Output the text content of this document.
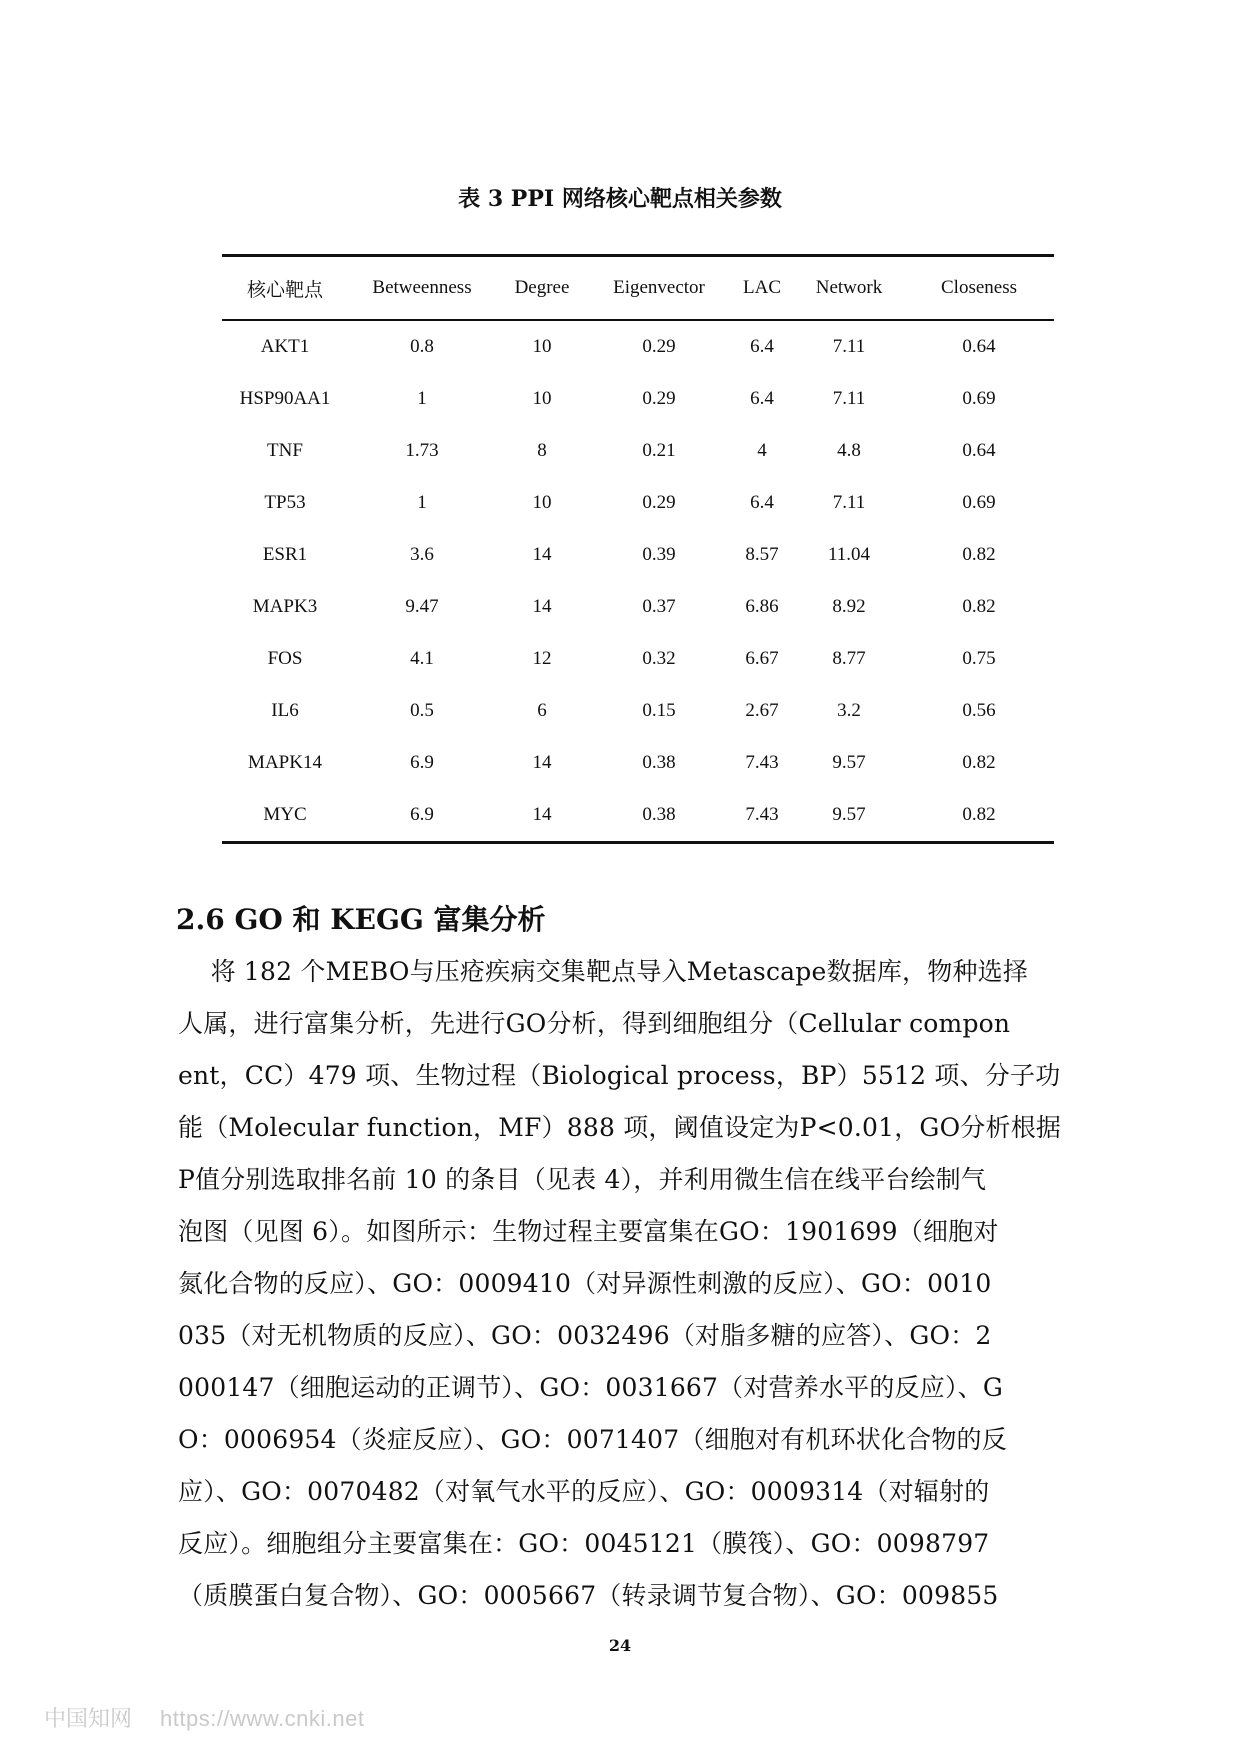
表 3 PPI 网络核心靶点相关参数
核心靶点	Betweenness	Degree	Eigenvector	LAC	Network	Closeness
AKT1	0.8	10	0.29	6.4	7.11	0.64
HSP90AA1	1	10	0.29	6.4	7.11	0.69
TNF	1.73	8	0.21	4	4.8	0.64
TP53	1	10	0.29	6.4	7.11	0.69
ESR1	3.6	14	0.39	8.57	11.04	0.82
MAPK3	9.47	14	0.37	6.86	8.92	0.82
FOS	4.1	12	0.32	6.67	8.77	0.75
IL6	0.5	6	0.15	2.67	3.2	0.56
MAPK14	6.9	14	0.38	7.43	9.57	0.82
MYC	6.9	14	0.38	7.43	9.57	0.82
2.6 GO 和 KEGG 富集分析
将 182 个MEBO与压疮疾病交集靶点导入Metascape数据库，物种选择
人属，进行富集分析，先进行GO分析，得到细胞组分（Cellular compon
ent，CC）479 项、生物过程（Biological process，BP）5512 项、分子功
能（Molecular function，MF）888 项，阈值设定为P<0.01，GO分析根据
P值分别选取排名前 10 的条目（见表 4），并利用微生信在线平台绘制气
泡图（见图 6）。如图所示：生物过程主要富集在GO：1901699（细胞对
氮化合物的反应）、GO：0009410（对异源性刺激的反应）、GO：0010
035（对无机物质的反应）、GO：0032496（对脂多糖的应答）、GO：2
000147（细胞运动的正调节）、GO：0031667（对营养水平的反应）、G
O：0006954（炎症反应）、GO：0071407（细胞对有机环状化合物的反
应）、GO：0070482（对氧气水平的反应）、GO：0009314（对辐射的
反应）。细胞组分主要富集在：GO：0045121（膜筏）、GO：0098797
（质膜蛋白复合物）、GO：0005667（转录调节复合物）、GO：009855
24
中国知网 https://www.cnki.net
